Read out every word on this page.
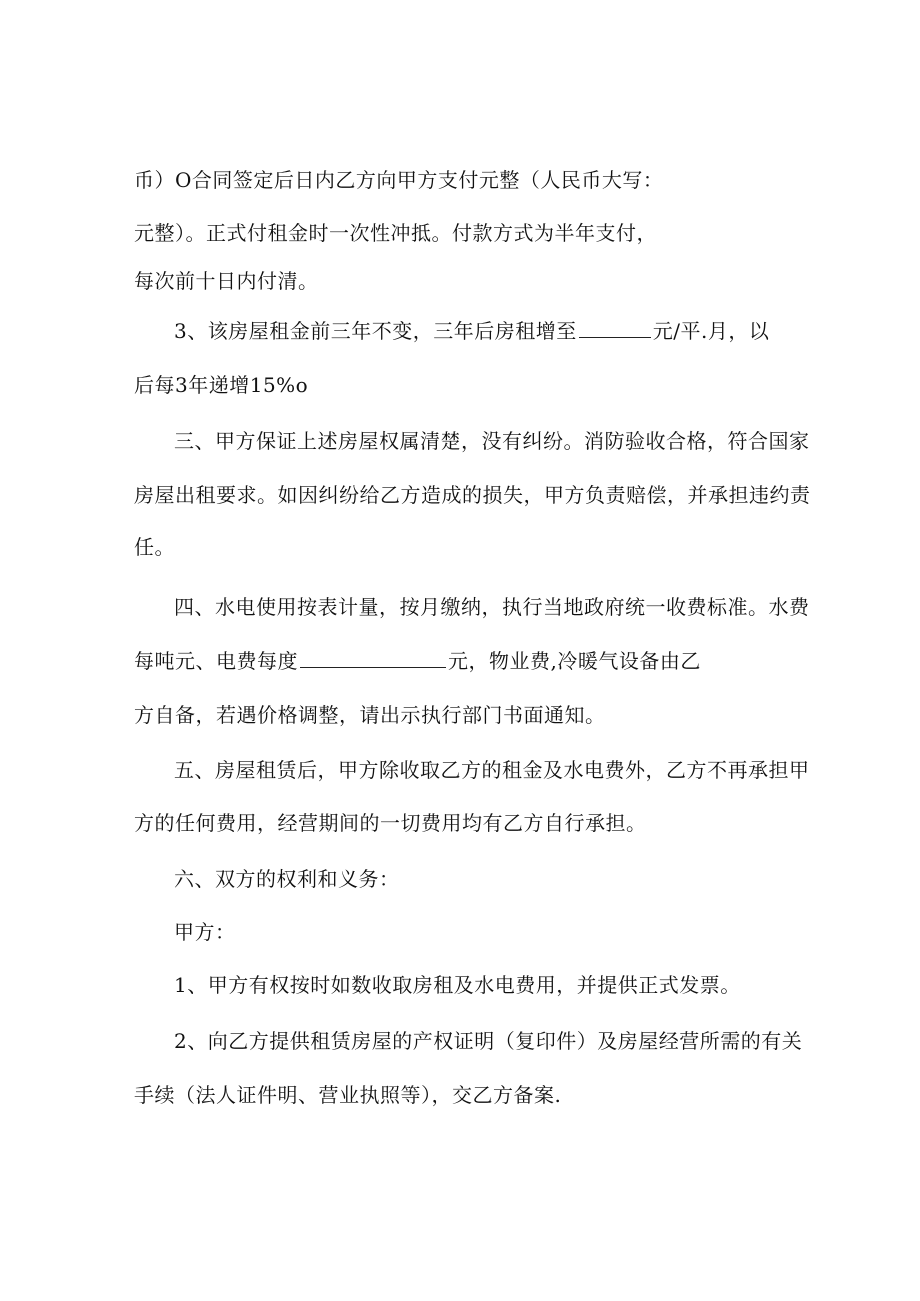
币）O合同签定后日内乙方向甲方支付元整（人民币大写：

元整）。正式付租金时一次性冲抵。付款方式为半年支付，

每次前十日内付清。

3、该房屋租金前三年不变，三年后房租增至	元/平.月，以

后每3年递增15%o

三、甲方保证上述房屋权属清楚，没有纠纷。消防验收合格，符合国家

房屋出租要求。如因纠纷给乙方造成的损失，甲方负责赔偿，并承担违约责

任。

四、水电使用按表计量，按月缴纳，执行当地政府统一收费标准。水费

每吨元、电费每度	元，物业费,冷暖气设备由乙

方自备，若遇价格调整，请出示执行部门书面通知。

五、房屋租赁后，甲方除收取乙方的租金及水电费外，乙方不再承担甲

方的任何费用，经营期间的一切费用均有乙方自行承担。

六、双方的权利和义务：

甲方：

1、甲方有权按时如数收取房租及水电费用，并提供正式发票。

2、向乙方提供租赁房屋的产权证明（复印件）及房屋经营所需的有关

手续（法人证件明、营业执照等），交乙方备案.
